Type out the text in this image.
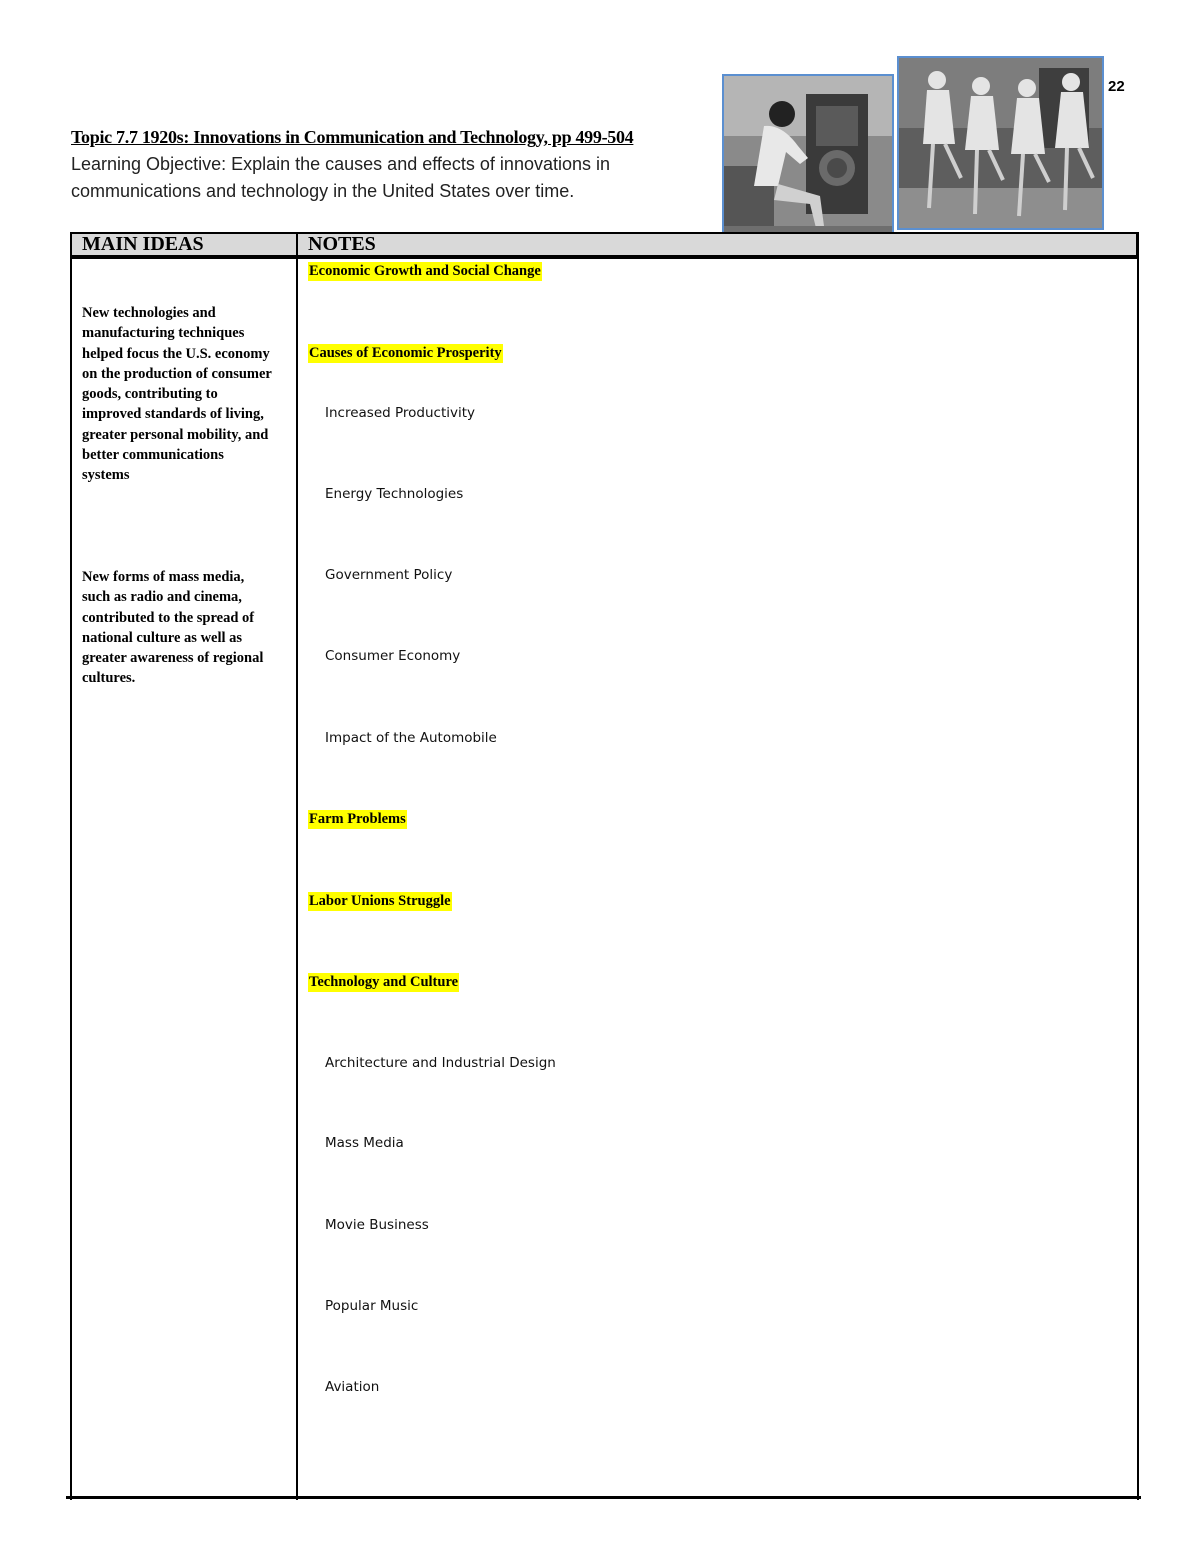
22
Topic 7.7 1920s: Innovations in Communication and Technology, pp 499-504
Learning Objective: Explain the causes and effects of innovations in
communications and technology in the United States over time.
MAIN IDEAS	NOTES
New technologies and manufacturing techniques helped focus the U.S. economy on the production of consumer goods, contributing to improved standards of living, greater personal mobility, and better communications systems
New forms of mass media, such as radio and cinema, contributed to the spread of national culture as well as greater awareness of regional cultures.
Economic Growth and Social Change
Causes of Economic Prosperity
Increased Productivity
Energy Technologies
Government Policy
Consumer Economy
Impact of the Automobile
Farm Problems
Labor Unions Struggle
Technology and Culture
Architecture and Industrial Design
Mass Media
Movie Business
Popular Music
Aviation
